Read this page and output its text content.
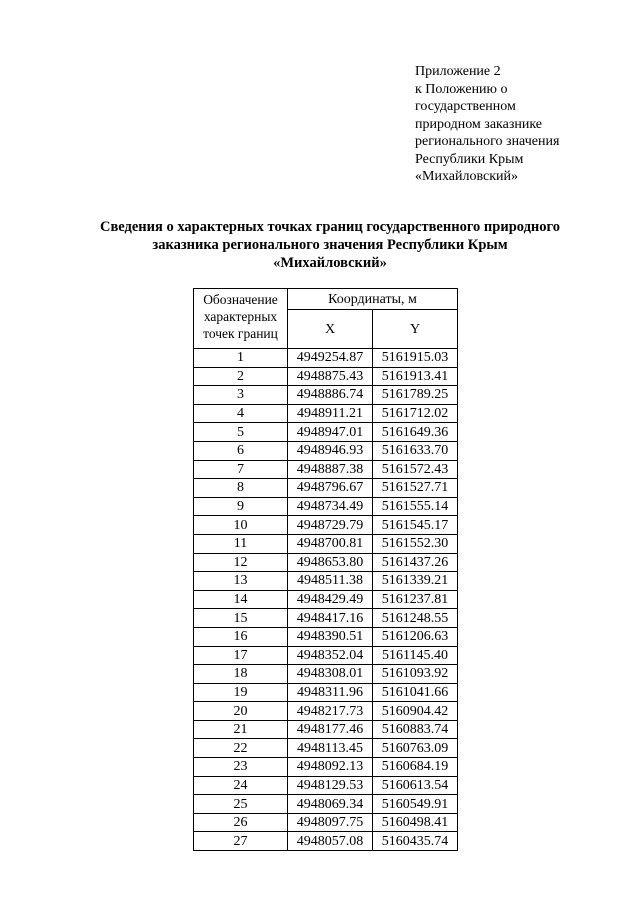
Приложение 2
к Положению о
государственном
природном заказнике
регионального значения
Республики Крым
«Михайловский»
Сведения о характерных точках границ государственного природного
заказника регионального значения Республики Крым
«Михайловский»
Обозначение
характерных
точек границ	Координаты, м	
	X	Y
1	4949254.87	5161915.03
2	4948875.43	5161913.41
3	4948886.74	5161789.25
4	4948911.21	5161712.02
5	4948947.01	5161649.36
6	4948946.93	5161633.70
7	4948887.38	5161572.43
8	4948796.67	5161527.71
9	4948734.49	5161555.14
10	4948729.79	5161545.17
11	4948700.81	5161552.30
12	4948653.80	5161437.26
13	4948511.38	5161339.21
14	4948429.49	5161237.81
15	4948417.16	5161248.55
16	4948390.51	5161206.63
17	4948352.04	5161145.40
18	4948308.01	5161093.92
19	4948311.96	5161041.66
20	4948217.73	5160904.42
21	4948177.46	5160883.74
22	4948113.45	5160763.09
23	4948092.13	5160684.19
24	4948129.53	5160613.54
25	4948069.34	5160549.91
26	4948097.75	5160498.41
27	4948057.08	5160435.74
